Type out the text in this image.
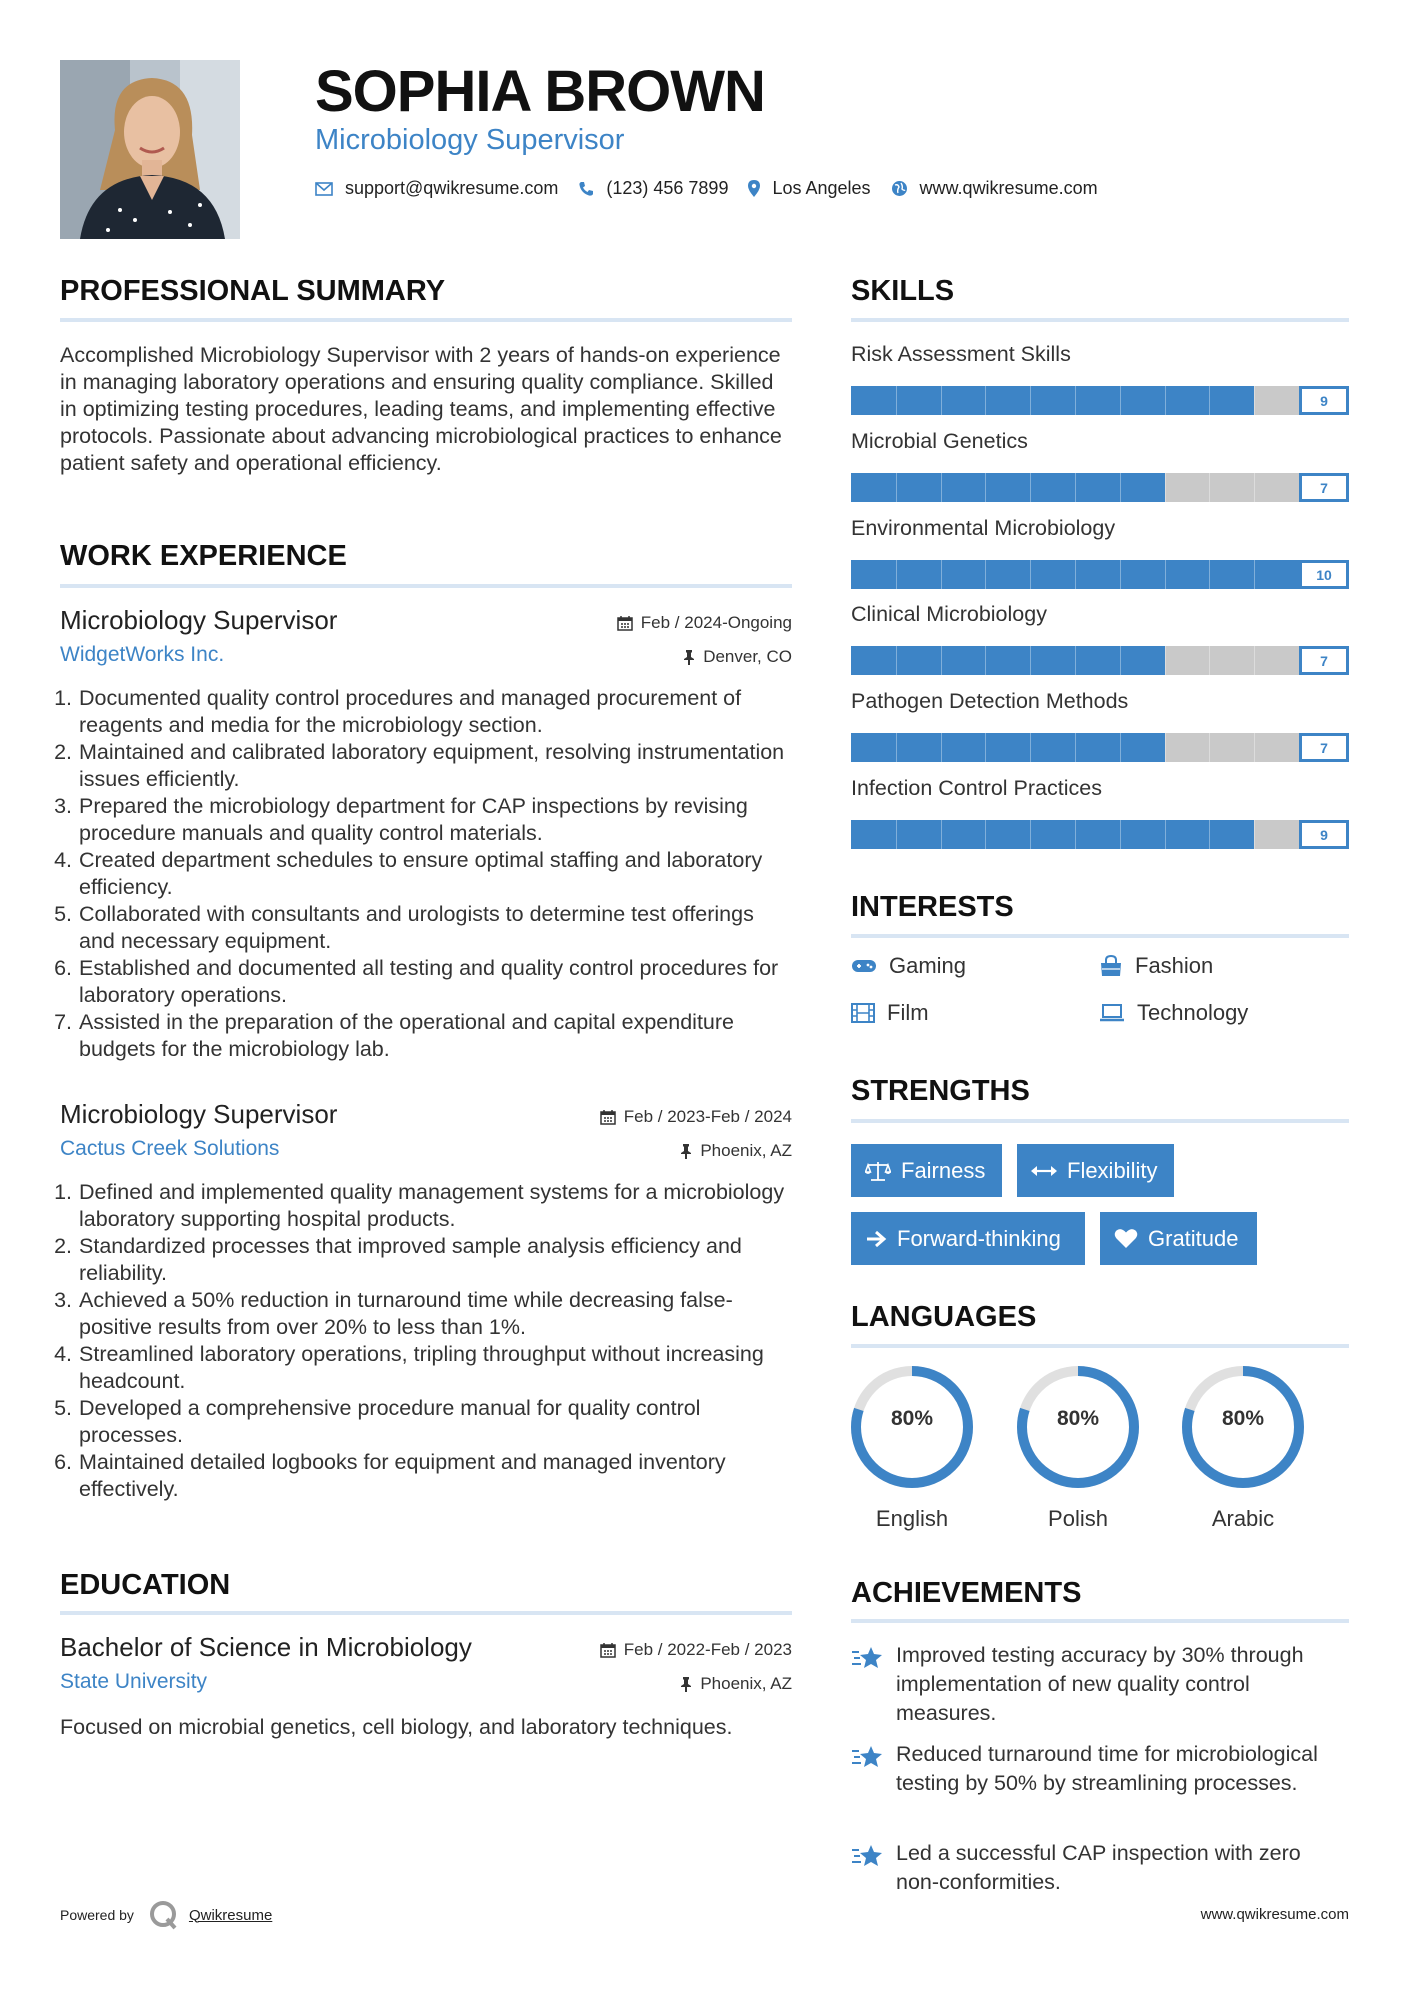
SOPHIA BROWN
Microbiology Supervisor
support@qwikresume.com	(123) 456 7899 Los Angeles	www.qwikresume.com
PROFESSIONAL SUMMARY
Accomplished Microbiology Supervisor with 2 years of hands-on experience in managing laboratory operations and ensuring quality compliance. Skilled in optimizing testing procedures, leading teams, and implementing effective protocols. Passionate about advancing microbiological practices to enhance patient safety and operational efficiency.
WORK EXPERIENCE
Microbiology Supervisor
WidgetWorks Inc.
Feb / 2024-Ongoing
Denver, CO
1. Documented quality control procedures and managed procurement of reagents and media for the microbiology section.
2. Maintained and calibrated laboratory equipment, resolving instrumentation issues efficiently.
3. Prepared the microbiology department for CAP inspections by revising procedure manuals and quality control materials.
4. Created department schedules to ensure optimal staffing and laboratory efficiency.
5. Collaborated with consultants and urologists to determine test offerings and necessary equipment.
6. Established and documented all testing and quality control procedures for laboratory operations.
7. Assisted in the preparation of the operational and capital expenditure budgets for the microbiology lab.
Microbiology Supervisor
Cactus Creek Solutions
Feb / 2023-Feb / 2024
Phoenix, AZ
1. Defined and implemented quality management systems for a microbiology laboratory supporting hospital products.
2. Standardized processes that improved sample analysis efficiency and reliability.
3. Achieved a 50% reduction in turnaround time while decreasing false-positive results from over 20% to less than 1%.
4. Streamlined laboratory operations, tripling throughput without increasing headcount.
5. Developed a comprehensive procedure manual for quality control processes.
6. Maintained detailed logbooks for equipment and managed inventory effectively.
EDUCATION
Bachelor of Science in Microbiology
State University
Feb / 2022-Feb / 2023
Phoenix, AZ
Focused on microbial genetics, cell biology, and laboratory techniques.
SKILLS
Risk Assessment Skills
9
Microbial Genetics
7
Environmental Microbiology
10
Clinical Microbiology
7
Pathogen Detection Methods
7
Infection Control Practices
9
INTERESTS
Gaming	Fashion
Film	Technology
STRENGTHS
Fairness	Flexibility
Forward-thinking	Gratitude
LANGUAGES
80%
English
80%
Polish
80%
Arabic
ACHIEVEMENTS
Improved testing accuracy by 30% through implementation of new quality control measures.
Reduced turnaround time for microbiological testing by 50% by streamlining processes.
Led a successful CAP inspection with zero non-conformities.
Powered by	Qwikresume	www.qwikresume.com
